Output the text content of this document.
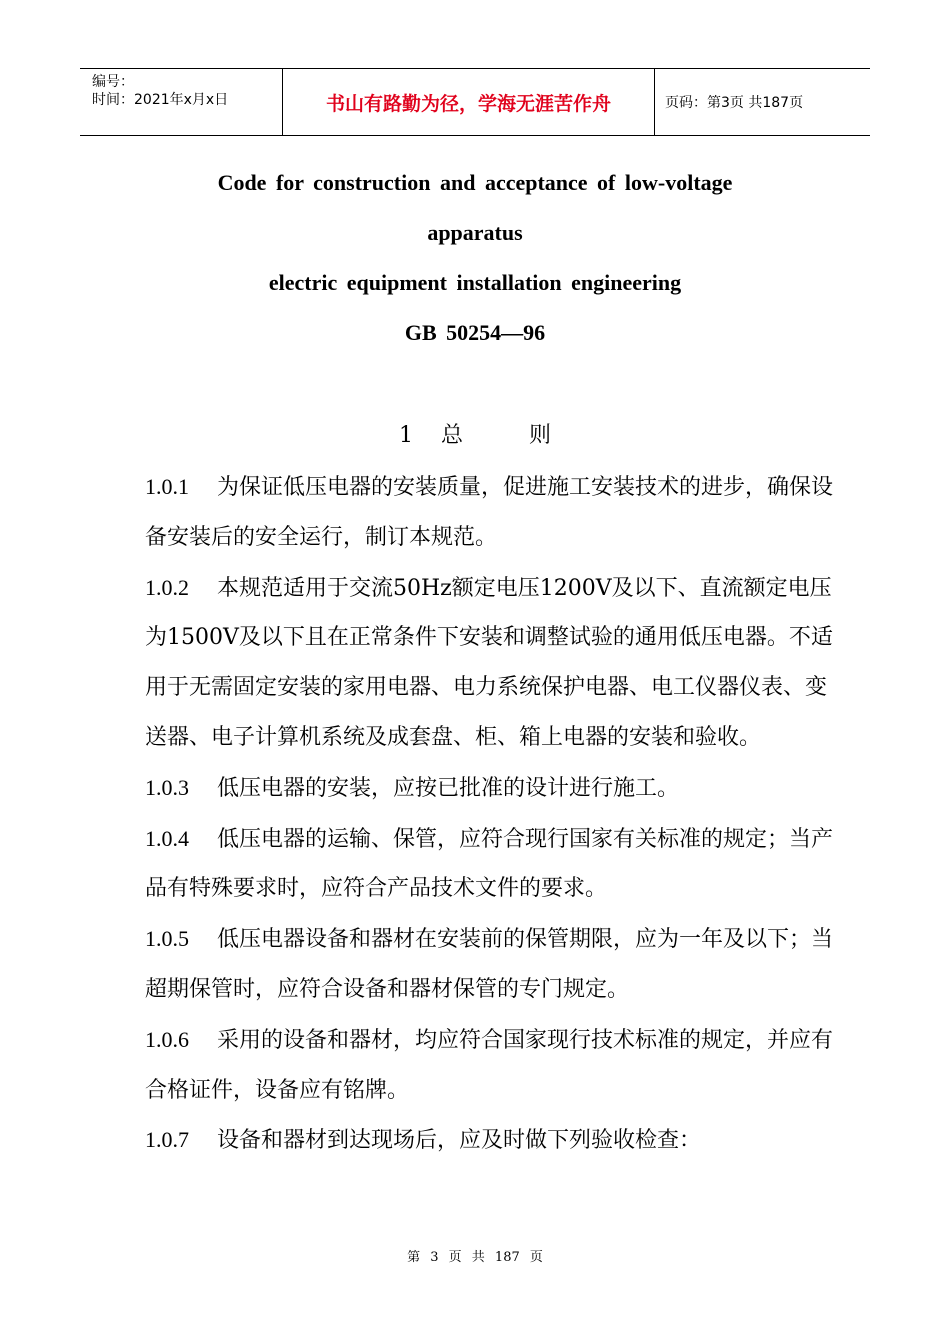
编号：
时间：2021年x月x日	书山有路勤为径，学海无涯苦作舟	页码：第3页 共187页
Code for construction and acceptance of low-voltage
apparatus
electric equipment installation engineering
GB 50254—96
1 总	则

1.0.1 为保证低压电器的安装质量，促进施工安装技术的进步，确保设备安装后的安全运行，制订本规范。

1.0.2 本规范适用于交流50Hz额定电压1200V及以下、直流额定电压为1500V及以下且在正常条件下安装和调整试验的通用低压电器。不适用于无需固定安装的家用电器、电力系统保护电器、电工仪器仪表、变送器、电子计算机系统及成套盘、柜、箱上电器的安装和验收。

1.0.3 低压电器的安装，应按已批准的设计进行施工。

1.0.4 低压电器的运输、保管，应符合现行国家有关标准的规定；当产品有特殊要求时，应符合产品技术文件的要求。

1.0.5 低压电器设备和器材在安装前的保管期限，应为一年及以下；当超期保管时，应符合设备和器材保管的专门规定。

1.0.6 采用的设备和器材，均应符合国家现行技术标准的规定，并应有合格证件，设备应有铭牌。

1.0.7 设备和器材到达现场后，应及时做下列验收检查：

第 3 页 共 187 页
